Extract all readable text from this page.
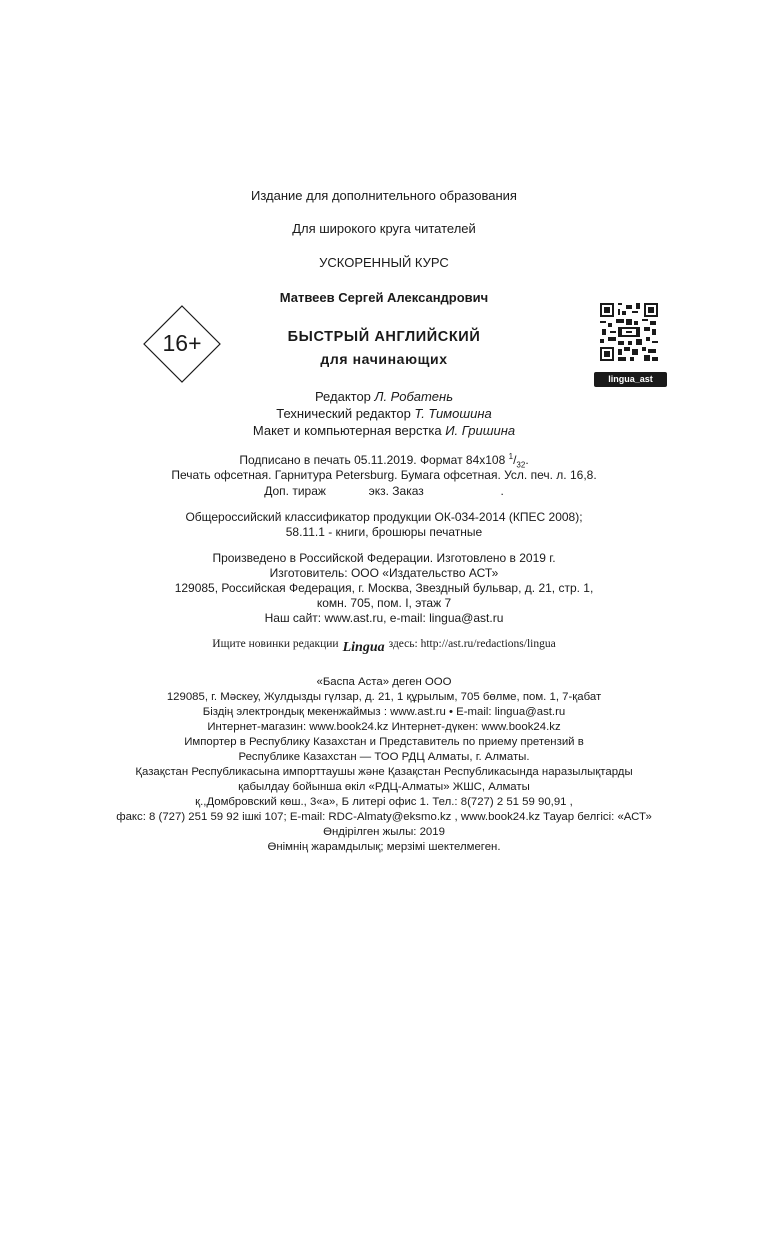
Издание для дополнительного образования
Для широкого круга читателей
УСКОРЕННЫЙ КУРС
Матвеев Сергей Александрович
БЫСТРЫЙ АНГЛИЙСКИЙ
для начинающих
16+
lingua_ast
Редактор Л. Робатень
Технический редактор Т. Тимошина
Макет и компьютерная верстка И. Гришина
Подписано в печать 05.11.2019. Формат 84x108 $^1/_{32}$.
Печать офсетная. Гарнитура Petersburg. Бумага офсетная. Усл. печ. л. 16,8.
Доп. тираж	экз. Заказ	.
Общероссийский классификатор продукции ОК-034-2014 (КПЕС 2008);
58.11.1 - книги, брошюры печатные
Произведено в Российской Федерации. Изготовлено в 2019 г.
Изготовитель: ООО «Издательство АСТ»
129085, Российская Федерация, г. Москва, Звездный бульвар, д. 21, стр. 1,
комн. 705, пом. I, этаж 7
Наш сайт: www.ast.ru, e-mail: lingua@ast.ru
Ищите новинки редакции Lingua здесь: http://ast.ru/redactions/lingua
«Баспа Аста» деген ООО
129085, г. Мәскеу, Жулдызды гүлзар, д. 21, 1 құрылым, 705 бөлме, пом. 1, 7-қабат
Біздің электрондық мекенжаймыз : www.ast.ru • E-mail: lingua@ast.ru
Интернет-магазин: www.book24.kz Интернет-дүкен: www.book24.kz
Импортер в Республику Казахстан и Представитель по приему претензий в
Республике Казахстан — ТОО РДЦ Алматы, г. Алматы.
Қазақстан Республикасына импорттаушы және Қазақстан Республикасында наразылықтарды
қабылдау бойынша өкіл «РДЦ-Алматы» ЖШС, Алматы
қ.,Домбровский көш., 3«а», Б литері офис 1. Тел.: 8(727) 2 51 59 90,91 ,
факс: 8 (727) 251 59 92 ішкі 107; E-mail: RDC-Almaty@eksmo.kz , www.book24.kz Тауар белгісі: «АСТ»
Өндірілген жылы: 2019
Өнімнің жарамдылық; мерзімі шектелмеген.
